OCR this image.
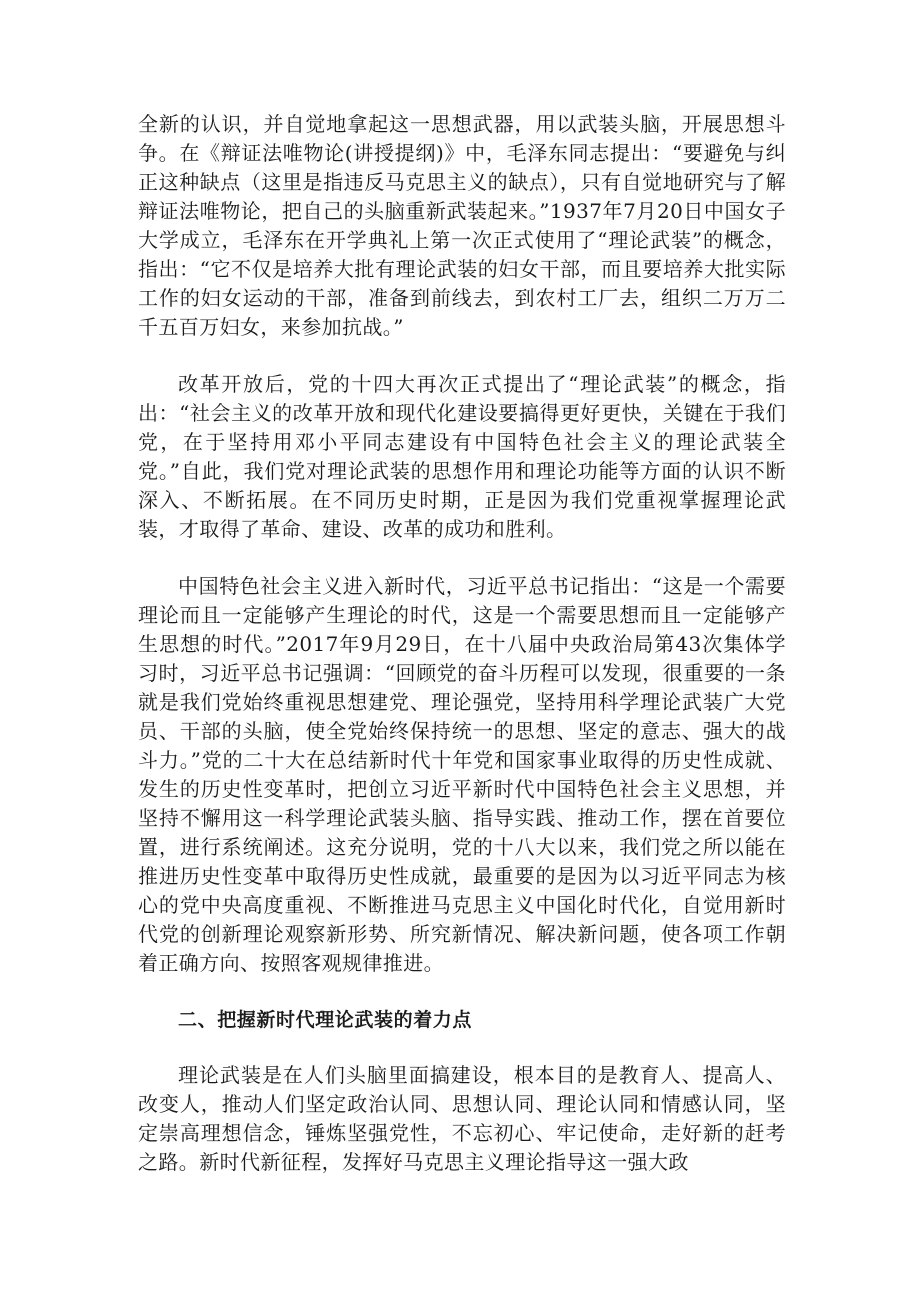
全新的认识，并自觉地拿起这一思想武器，用以武装头脑，开展思想斗争。在《辩证法唯物论(讲授提纲)》中，毛泽东同志提出：“要避免与纠正这种缺点（这里是指违反马克思主义的缺点），只有自觉地研究与了解辩证法唯物论，把自己的头脑重新武装起来。”1937年7月20日中国女子大学成立，毛泽东在开学典礼上第一次正式使用了“理论武装”的概念，指出：“它不仅是培养大批有理论武装的妇女干部，而且要培养大批实际工作的妇女运动的干部，准备到前线去，到农村工厂去，组织二万万二千五百万妇女，来参加抗战。”

改革开放后，党的十四大再次正式提出了“理论武装”的概念，指出：“社会主义的改革开放和现代化建设要搞得更好更快，关键在于我们党，在于坚持用邓小平同志建设有中国特色社会主义的理论武装全党。”自此，我们党对理论武装的思想作用和理论功能等方面的认识不断深入、不断拓展。在不同历史时期，正是因为我们党重视掌握理论武装，才取得了革命、建设、改革的成功和胜利。

中国特色社会主义进入新时代，习近平总书记指出：“这是一个需要理论而且一定能够产生理论的时代，这是一个需要思想而且一定能够产生思想的时代。”2017年9月29日，在十八届中央政治局第43次集体学习时，习近平总书记强调：“回顾党的奋斗历程可以发现，很重要的一条就是我们党始终重视思想建党、理论强党，坚持用科学理论武装广大党员、干部的头脑，使全党始终保持统一的思想、坚定的意志、强大的战斗力。”党的二十大在总结新时代十年党和国家事业取得的历史性成就、发生的历史性变革时，把创立习近平新时代中国特色社会主义思想，并坚持不懈用这一科学理论武装头脑、指导实践、推动工作，摆在首要位置，进行系统阐述。这充分说明，党的十八大以来，我们党之所以能在推进历史性变革中取得历史性成就，最重要的是因为以习近平同志为核心的党中央高度重视、不断推进马克思主义中国化时代化，自觉用新时代党的创新理论观察新形势、所究新情况、解决新问题，使各项工作朝着正确方向、按照客观规律推进。

二、把握新时代理论武装的着力点

理论武装是在人们头脑里面搞建设，根本目的是教育人、提高人、改变人，推动人们坚定政治认同、思想认同、理论认同和情感认同，坚定崇高理想信念，锤炼坚强党性，不忘初心、牢记使命，走好新的赶考之路。新时代新征程，发挥好马克思主义理论指导这一强大政
